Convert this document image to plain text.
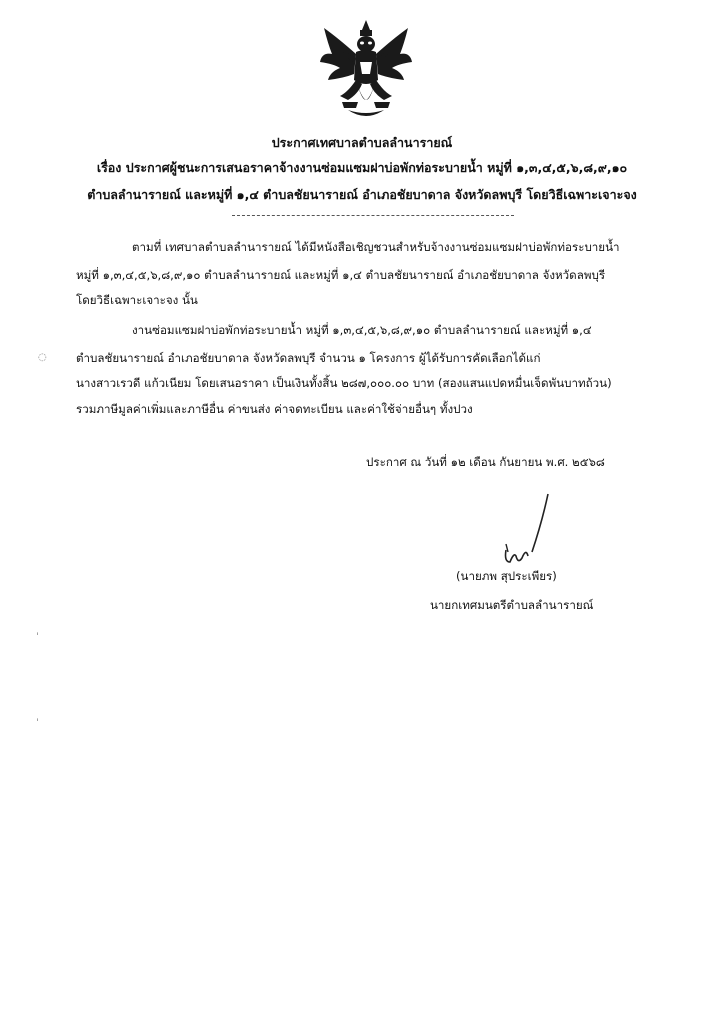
ประกาศเทศบาลตำบลลำนารายณ์
เรื่อง ประกาศผู้ชนะการเสนอราคาจ้างงานซ่อมแซมฝาบ่อพักท่อระบายน้ำ หมู่ที่ ๑,๓,๔,๕,๖,๘,๙,๑๐
ตำบลลำนารายณ์ และหมู่ที่ ๑,๔ ตำบลชัยนารายณ์ อำเภอชัยบาดาล จังหวัดลพบุรี โดยวิธีเฉพาะเจาะจง
ตามที่ เทศบาลตำบลลำนารายณ์ ได้มีหนังสือเชิญชวนสำหรับจ้างงานซ่อมแซมฝาบ่อพักท่อระบายน้ำ
หมู่ที่ ๑,๓,๔,๕,๖,๘,๙,๑๐ ตำบลลำนารายณ์ และหมู่ที่ ๑,๔ ตำบลชัยนารายณ์ อำเภอชัยบาดาล จังหวัดลพบุรี
โดยวิธีเฉพาะเจาะจง นั้น
งานซ่อมแซมฝาบ่อพักท่อระบายน้ำ หมู่ที่ ๑,๓,๔,๕,๖,๘,๙,๑๐ ตำบลลำนารายณ์ และหมู่ที่ ๑,๔
ตำบลชัยนารายณ์ อำเภอชัยบาดาล จังหวัดลพบุรี จำนวน ๑ โครงการ ผู้ได้รับการคัดเลือกได้แก่
นางสาวเรวดี แก้วเนียม โดยเสนอราคา เป็นเงินทั้งสิ้น ๒๘๗,๐๐๐.๐๐ บาท (สองแสนแปดหมื่นเจ็ดพันบาทถ้วน)
รวมภาษีมูลค่าเพิ่มและภาษีอื่น ค่าขนส่ง ค่าจดทะเบียน และค่าใช้จ่ายอื่นๆ ทั้งปวง
ประกาศ ณ วันที่ ๑๒ เดือน กันยายน พ.ศ. ๒๕๖๘
(นายภพ สุประเพียร)
นายกเทศมนตรีตำบลลำนารายณ์
◌
ˈ
ˈ
